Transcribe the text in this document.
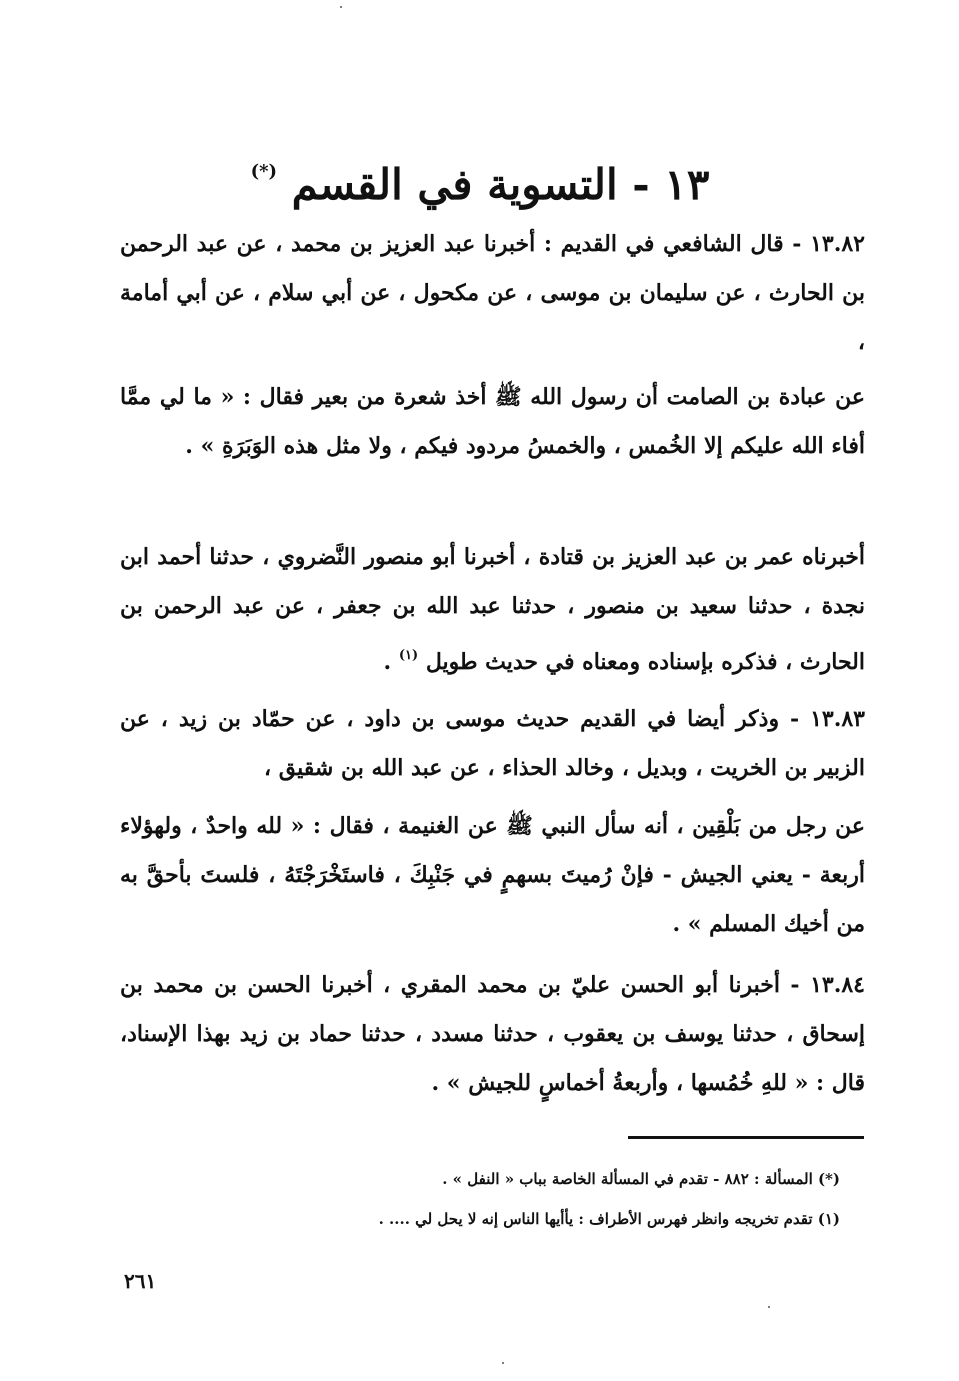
١٣ - التسوية في القسم (*)
١٣.٨٢ - قال الشافعي في القديم : أخبرنا عبد العزيز بن محمد ، عن عبد الرحمن بن الحارث ، عن سليمان بن موسى ، عن مكحول ، عن أبي سلام ، عن أبي أمامة ،
عن عبادة بن الصامت أن رسول الله ﷺ أخذ شعرة من بعير فقال : « ما لي ممَّا أفاء الله عليكم إلا الخُمس ، والخمسُ مردود فيكم ، ولا مثل هذه الوَبَرَةِ » .
أخبرناه عمر بن عبد العزيز بن قتادة ، أخبرنا أبو منصور النَّضروي ، حدثنا أحمد ابن نجدة ، حدثنا سعيد بن منصور ، حدثنا عبد الله بن جعفر ، عن عبد الرحمن بن الحارث ، فذكره بإسناده ومعناه في حديث طويل $^{(١)}$ .
١٣.٨٣ - وذكر أيضا في القديم حديث موسى بن داود ، عن حمّاد بن زيد ، عن الزبير بن الخريت ، وبديل ، وخالد الحذاء ، عن عبد الله بن شقيق ،
عن رجل من بَلْقِين ، أنه سأل النبي ﷺ عن الغنيمة ، فقال : « لله واحدٌ ، ولهؤلاء أربعة - يعني الجيش - فإنْ رُميتَ بسهمٍ في جَنْبِكَ ، فاستَخْرَجْتَهُ ، فلستَ بأحقَّ به من أخيك المسلم » .
١٣.٨٤ - أخبرنا أبو الحسن عليّ بن محمد المقري ، أخبرنا الحسن بن محمد بن إسحاق ، حدثنا يوسف بن يعقوب ، حدثنا مسدد ، حدثنا حماد بن زيد بهذا الإسناد، قال : « للهِ خُمُسها ، وأربعةُ أخماسٍ للجيش » .
(*) المسألة : ٨٨٢ - تقدم في المسألة الخاصة بباب « النفل » .
(١) تقدم تخريجه وانظر فهرس الأطراف : يأأيها الناس إنه لا يحل لي .... .
٢٦١
